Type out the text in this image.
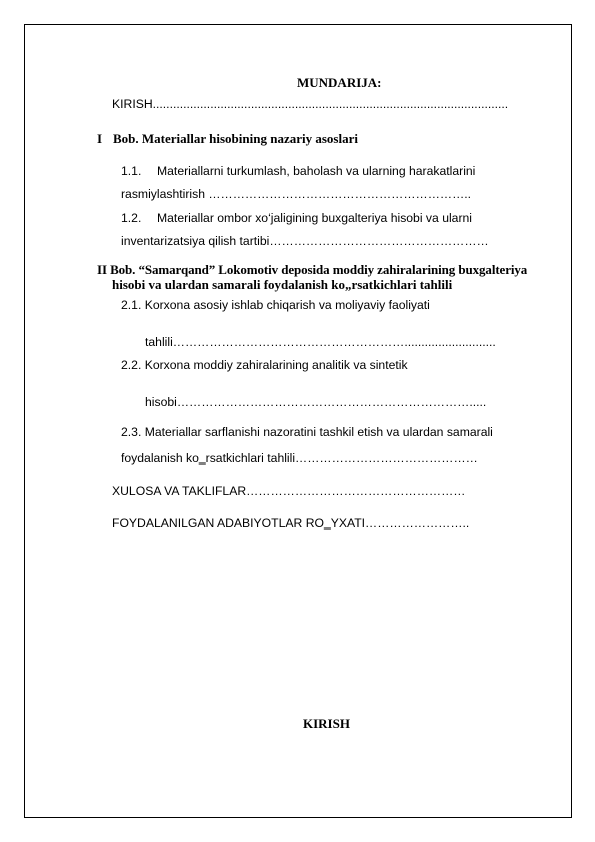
MUNDARIJA:
KIRISH.........................................................................................................
I Bob. Materiallar hisobining nazariy asoslari
1.1. Materiallarni turkumlash, baholash va ularning harakatlarini
rasmiylashtirish ………………………………………………………..
1.2. Materiallar ombor xo‘jaligining buxgalteriya hisobi va ularni
inventarizatsiya qilish tartibi………………………………………………
II Bob. “Samarqand” Lokomotiv deposida moddiy zahiralarining buxgalteriya
hisobi va ulardan samarali foydalanish ko„rsatkichlari tahlili
2.1. Korxona asosiy ishlab chiqarish va moliyaviy faoliyati
tahlili…………………………………………………...........................
2.2. Korxona moddiy zahiralarining analitik va sintetik
hisobi……………………………………………………………….....
2.3. Materiallar sarflanishi nazoratini tashkil etish va ulardan samarali
foydalanish ko‗rsatkichlari tahlili………………………………………
XULOSA VA TAKLIFLAR………………………………………………
FOYDALANILGAN ADABIYOTLAR RO‗YXATI……………………..
KIRISH
